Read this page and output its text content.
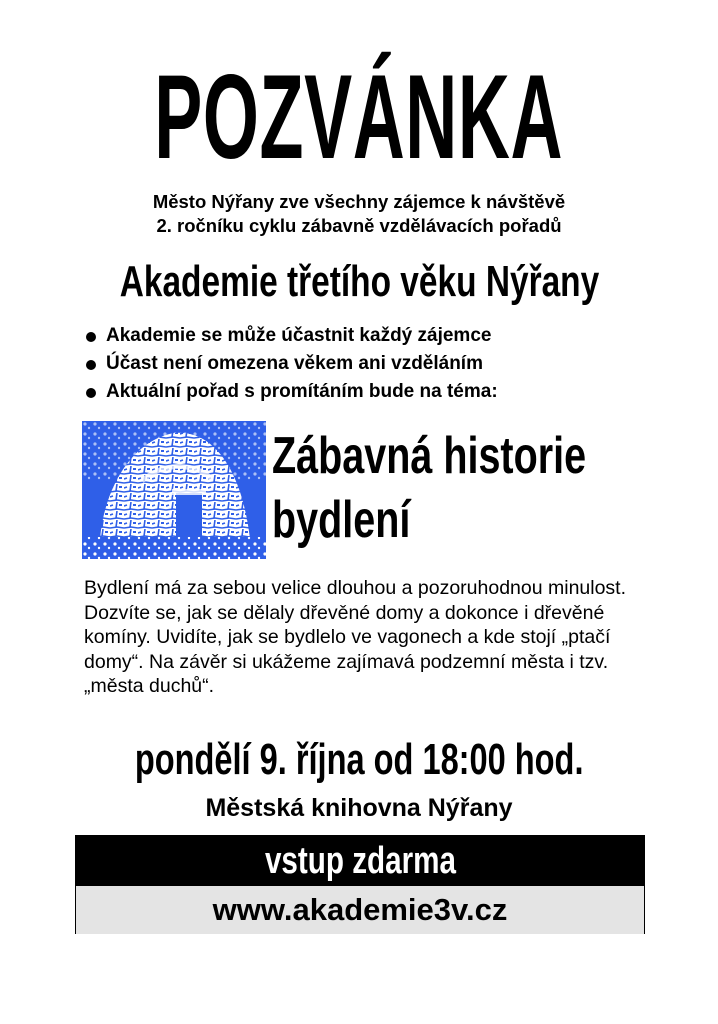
POZVÁNKA
Město Nýřany zve všechny zájemce k návštěvě
2. ročníku cyklu zábavně vzdělávacích pořadů
Akademie třetího věku Nýřany
Akademie se může účastnit každý zájemce
Účast není omezena věkem ani vzděláním
Aktuální pořad s promítáním bude na téma:
Zábavná historie
bydlení

Bydlení má za sebou velice dlouhou a pozoruhodnou minulost. Dozvíte se, jak se dělaly dřevěné domy a dokonce i dřevěné komíny. Uvidíte, jak se bydlelo ve vagonech a kde stojí „ptačí domy“. Na závěr si ukážeme zajímavá podzemní města i tzv. „města duchů“.

pondělí 9. října od 18:00 hod.
Městská knihovna Nýřany
vstup zdarma
www.akademie3v.cz
